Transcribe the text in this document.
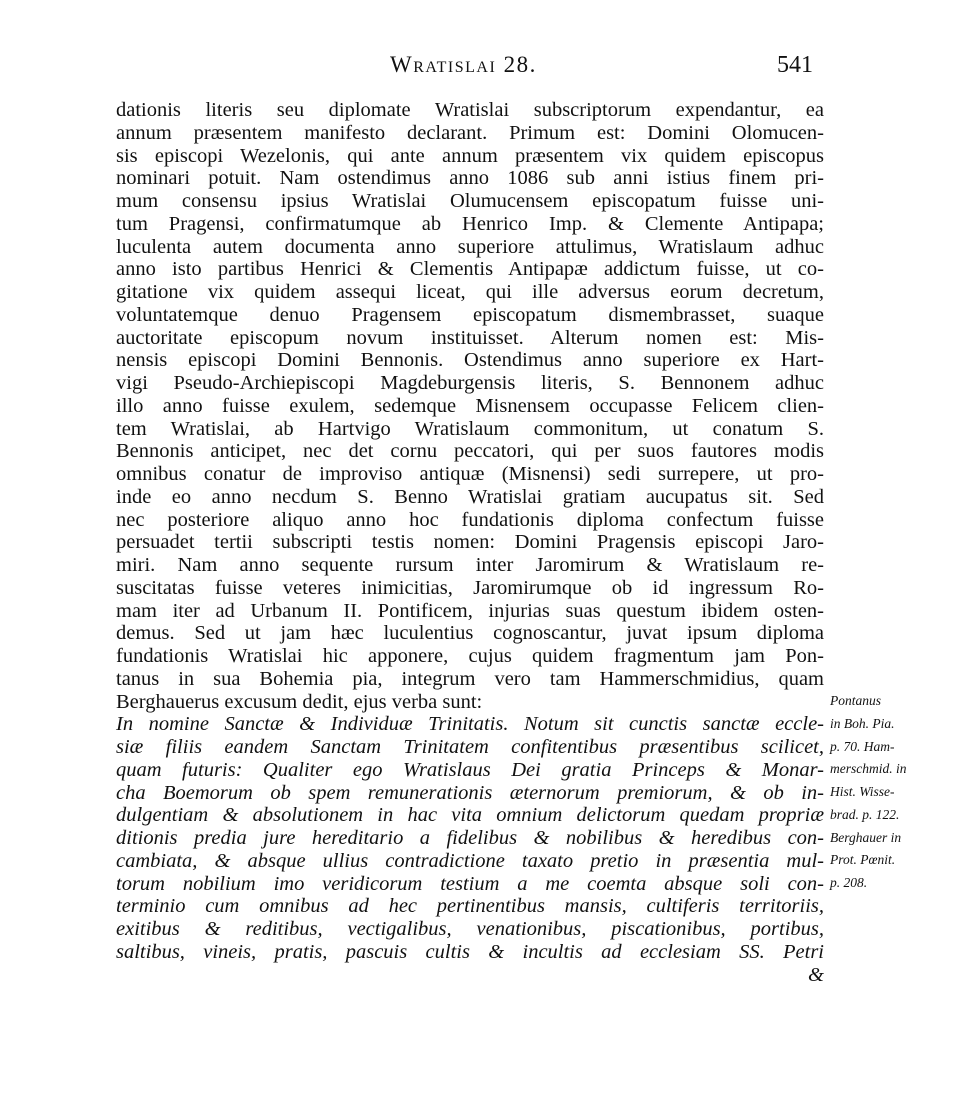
Wratislai 28.	541
dationis literis seu diplomate Wratislai subscriptorum expendantur, ea
annum præsentem manifesto declarant. Primum est: Domini Olomucen-
sis episcopi Wezelonis, qui ante annum præsentem vix quidem episcopus
nominari potuit. Nam ostendimus anno 1086 sub anni istius finem pri-
mum consensu ipsius Wratislai Olumucensem episcopatum fuisse uni-
tum Pragensi, confirmatumque ab Henrico Imp. & Clemente Antipapa;
luculenta autem documenta anno superiore attulimus, Wratislaum adhuc
anno isto partibus Henrici & Clementis Antipapæ addictum fuisse, ut co-
gitatione vix quidem assequi liceat, qui ille adversus eorum decretum,
voluntatemque denuo Pragensem episcopatum dismembrasset, suaque
auctoritate episcopum novum instituisset. Alterum nomen est: Mis-
nensis episcopi Domini Bennonis. Ostendimus anno superiore ex Hart-
vigi Pseudo-Archiepiscopi Magdeburgensis literis, S. Bennonem adhuc
illo anno fuisse exulem, sedemque Misnensem occupasse Felicem clien-
tem Wratislai, ab Hartvigo Wratislaum commonitum, ut conatum S.
Bennonis anticipet, nec det cornu peccatori, qui per suos fautores modis
omnibus conatur de improviso antiquæ (Misnensi) sedi surrepere, ut pro-
inde eo anno necdum S. Benno Wratislai gratiam aucupatus sit. Sed
nec posteriore aliquo anno hoc fundationis diploma confectum fuisse
persuadet tertii subscripti testis nomen: Domini Pragensis episcopi Jaro-
miri. Nam anno sequente rursum inter Jaromirum & Wratislaum re-
suscitatas fuisse veteres inimicitias, Jaromirumque ob id ingressum Ro-
mam iter ad Urbanum II. Pontificem, injurias suas questum ibidem osten-
demus. Sed ut jam hæc luculentius cognoscantur, juvat ipsum diploma
fundationis Wratislai hic apponere, cujus quidem fragmentum jam Pon-
tanus in sua Bohemia pia, integrum vero tam Hammerschmidius, quam
Berghauerus excusum dedit, ejus verba sunt:
In nomine Sanctæ & Individuæ Trinitatis. Notum sit cunctis sanctæ eccle-
siæ filiis eandem Sanctam Trinitatem confitentibus præsentibus scilicet,
quam futuris: Qualiter ego Wratislaus Dei gratia Princeps & Monar-
cha Boemorum ob spem remunerationis æternorum premiorum, & ob in-
dulgentiam & absolutionem in hac vita omnium delictorum quedam propriæ
ditionis predia jure hereditario a fidelibus & nobilibus & heredibus con-
cambiata, & absque ullius contradictione taxato pretio in præsentia mul-
torum nobilium imo veridicorum testium a me coemta absque soli con-
terminio cum omnibus ad hec pertinentibus mansis, cultiferis territoriis,
exitibus & reditibus, vectigalibus, venationibus, piscationibus, portibus,
saltibus, vineis, pratis, pascuis cultis & incultis ad ecclesiam SS. Petri
&
Pontanus
in Boh. Pia.
p. 70. Ham-
merschmid. in
Hist. Wisse-
brad. p. 122.
Berghauer in
Prot. Pœnit.
p. 208.
